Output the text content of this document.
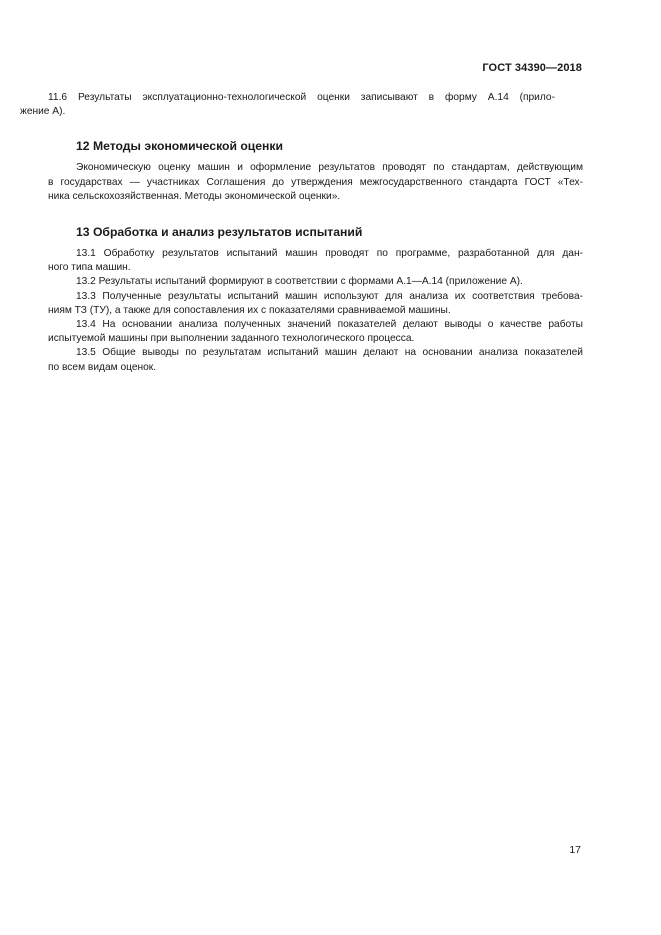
ГОСТ 34390—2018

11.6 Результаты эксплуатационно-технологической оценки записывают в форму А.14 (прило-
жение А).

12 Методы экономической оценки

Экономическую оценку машин и оформление результатов проводят по стандартам, действующим
в государствах — участниках Соглашения до утверждения межгосударственного стандарта ГОСТ «Тех-
ника сельскохозяйственная. Методы экономической оценки».

13 Обработка и анализ результатов испытаний

13.1 Обработку результатов испытаний машин проводят по программе, разработанной для дан-
ного типа машин.

13.2 Результаты испытаний формируют в соответствии с формами А.1—А.14 (приложение А).

13.3 Полученные результаты испытаний машин используют для анализа их соответствия требова-
ниям ТЗ (ТУ), а также для сопоставления их с показателями сравниваемой машины.

13.4 На основании анализа полученных значений показателей делают выводы о качестве работы
испытуемой машины при выполнении заданного технологического процесса.

13.5 Общие выводы по результатам испытаний машин делают на основании анализа показателей
по всем видам оценок.

17
